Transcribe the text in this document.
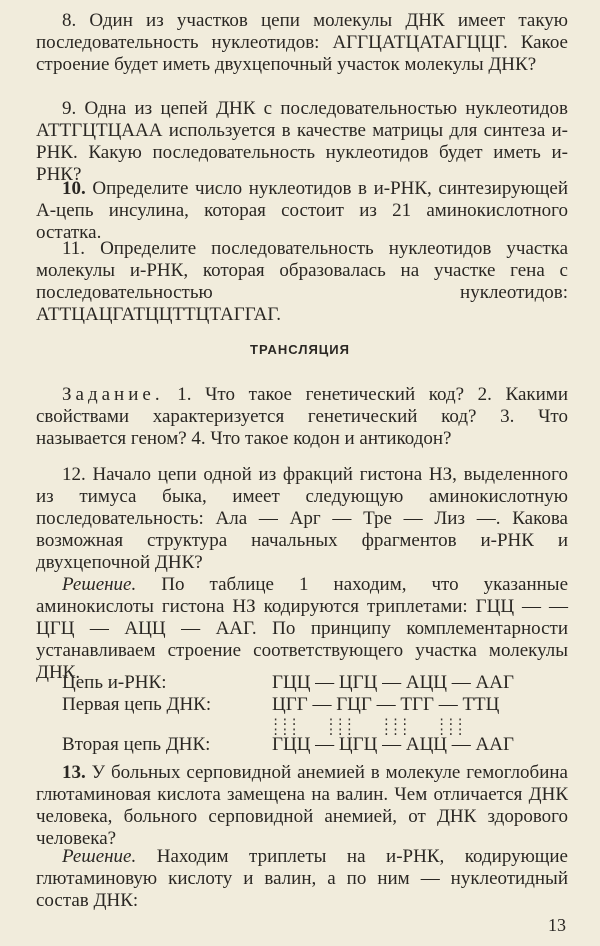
8. Один из участков цепи молекулы ДНК имеет такую последовательность нуклеотидов: АГГЦАТЦАТАГЦЦГ. Какое строение будет иметь двухцепочный участок молекулы ДНК?

9. Одна из цепей ДНК с последовательностью нуклеотидов АТТГЦТЦААА используется в качестве матрицы для синтеза и-РНК. Какую последовательность нуклеотидов будет иметь и-РНК?

10. Определите число нуклеотидов в и-РНК, синтезирующей А-цепь инсулина, которая состоит из 21 аминокислотного остатка.

11. Определите последовательность нуклеотидов участка молекулы и-РНК, которая образовалась на участке гена с последовательностью нуклеотидов: АТТЦАЦГАТЦЦТТЦТАГГАГ.

ТРАНСЛЯЦИЯ

Задание. 1. Что такое генетический код? 2. Какими свойствами характеризуется генетический код? 3. Что называется геном? 4. Что такое кодон и антикодон?

12. Начало цепи одной из фракций гистона НЗ, выделенного из тимуса быка, имеет следующую аминокислотную последовательность: Ала — Арг — Тре — Лиз —. Какова возможная структура начальных фрагментов и-РНК и двухцепочной ДНК?

Решение. По таблице 1 находим, что указанные аминокислоты гистона НЗ кодируются триплетами: ГЦЦ — — ЦГЦ — АЦЦ — ААГ. По принципу комплементарности устанавливаем строение соответствующего участка молекулы ДНК.

Цепь и-РНК:	ГЦЦ — ЦГЦ — АЦЦ — ААГ
Первая цепь ДНК:	ЦГГ — ГЦГ — ТГГ — ТТЦ
:::   :::   :::   :::
:::   :::   :::   :::
Вторая цепь ДНК:	ГЦЦ — ЦГЦ — АЦЦ — ААГ

13. У больных серповидной анемией в молекуле гемоглобина глютаминовая кислота замещена на валин. Чем отличается ДНК человека, больного серповидной анемией, от ДНК здорового человека?

Решение. Находим триплеты на и-РНК, кодирующие глютаминовую кислоту и валин, а по ним — нуклеотидный состав ДНК:

13
